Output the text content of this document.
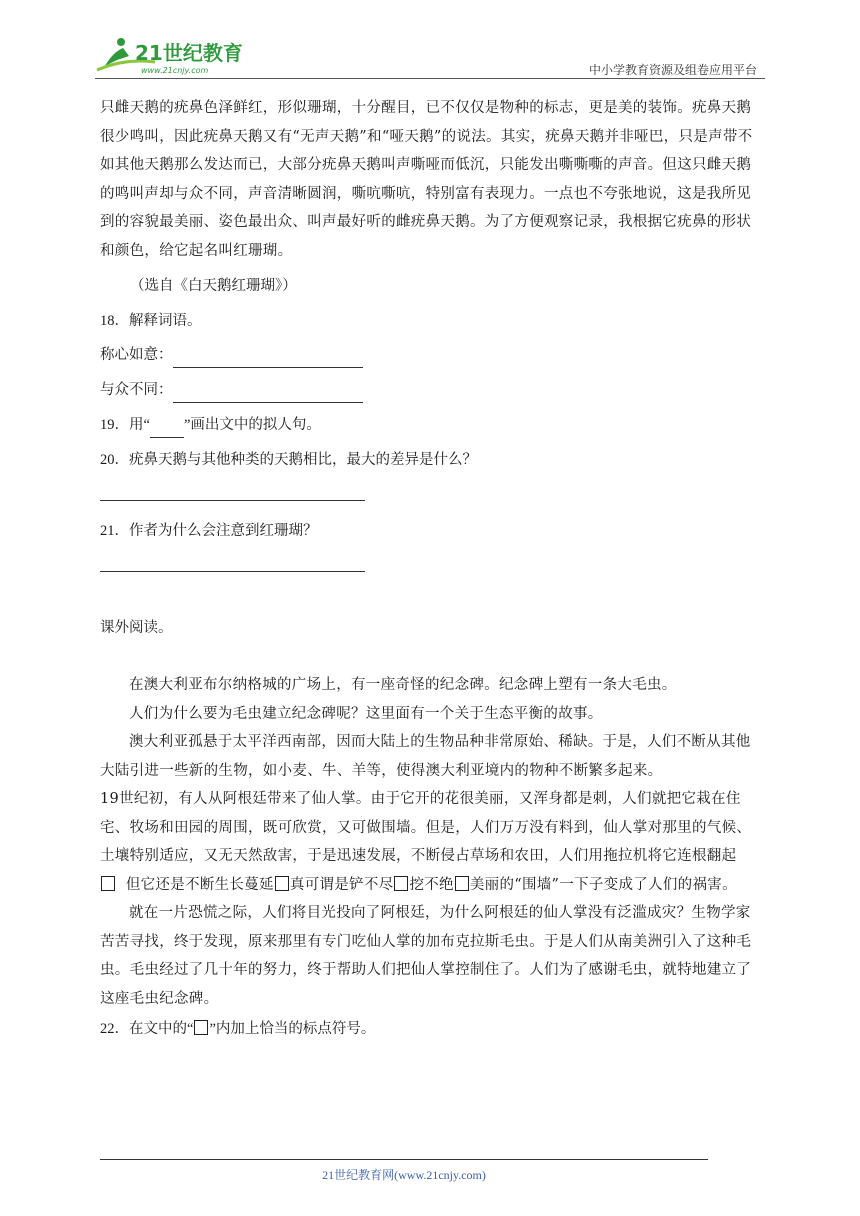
21世纪教育
www.21cnjy.com	中小学教育资源及组卷应用平台

只雌天鹅的疣鼻色泽鲜红，形似珊瑚，十分醒目，已不仅仅是物种的标志，更是美的装饰。疣鼻天鹅很少鸣叫，因此疣鼻天鹅又有“无声天鹅”和“哑天鹅”的说法。其实，疣鼻天鹅并非哑巴，只是声带不如其他天鹅那么发达而已，大部分疣鼻天鹅叫声嘶哑而低沉，只能发出嘶嘶嘶的声音。但这只雌天鹅的鸣叫声却与众不同，声音清晰圆润，嘶吭嘶吭，特别富有表现力。一点也不夸张地说，这是我所见到的容貌最美丽、姿色最出众、叫声最好听的雌疣鼻天鹅。为了方便观察记录，我根据它疣鼻的形状和颜色，给它起名叫红珊瑚。

（选自《白天鹅红珊瑚》）
18．解释词语。
称心如意：
与众不同：
19．用“ ”画出文中的拟人句。
20．疣鼻天鹅与其他种类的天鹅相比，最大的差异是什么？
21．作者为什么会注意到红珊瑚？
课外阅读。

在澳大利亚布尔纳格城的广场上，有一座奇怪的纪念碑。纪念碑上塑有一条大毛虫。

人们为什么要为毛虫建立纪念碑呢？这里面有一个关于生态平衡的故事。

澳大利亚孤悬于太平洋西南部，因而大陆上的生物品种非常原始、稀缺。于是，人们不断从其他大陆引进一些新的生物，如小麦、牛、羊等，使得澳大利亚境内的物种不断繁多起来。

19世纪初，有人从阿根廷带来了仙人掌。由于它开的花很美丽，又浑身都是刺，人们就把它栽在住宅、牧场和田园的周围，既可欣赏，又可做围墙。但是，人们万万没有料到，仙人掌对那里的气候、土壤特别适应，又无天然敌害，于是迅速发展，不断侵占草场和农田，人们用拖拉机将它连根翻起

但它还是不断生长蔓延 真可谓是铲不尽 挖不绝 美丽的“围墙”一下子变成了人们的祸害。

就在一片恐慌之际，人们将目光投向了阿根廷，为什么阿根廷的仙人掌没有泛滥成灾？生物学家苦苦寻找，终于发现，原来那里有专门吃仙人掌的加布克拉斯毛虫。于是人们从南美洲引入了这种毛虫。毛虫经过了几十年的努力，终于帮助人们把仙人掌控制住了。人们为了感谢毛虫，就特地建立了这座毛虫纪念碑。

22．在文中的“ ”内加上恰当的标点符号。
21世纪教育网(www.21cnjy.com)
